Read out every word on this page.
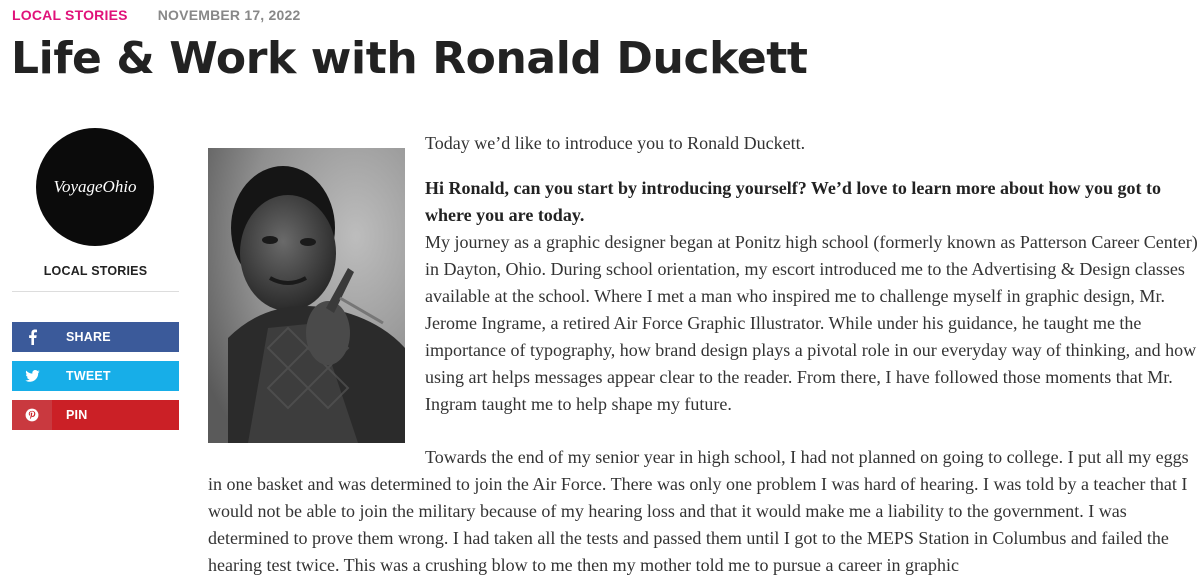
LOCAL STORIES NOVEMBER 17, 2022
Life & Work with Ronald Duckett
VoyageOhio
LOCAL STORIES
SHARE
TWEET
PIN

Today we’d like to introduce you to Ronald Duckett.

Hi Ronald, can you start by introducing yourself? We’d love to learn more about how you got to where you are today.

My journey as a graphic designer began at Ponitz high school (formerly known as Patterson Career Center) in Dayton, Ohio. During school orientation, my escort introduced me to the Advertising & Design classes available at the school. Where I met a man who inspired me to challenge myself in graphic design, Mr. Jerome Ingrame, a retired Air Force Graphic Illustrator. While under his guidance, he taught me the importance of typography, how brand design plays a pivotal role in our everyday way of thinking, and how using art helps messages appear clear to the reader. From there, I have followed those moments that Mr. Ingram taught me to help shape my future.

Towards the end of my senior year in high school, I had not planned on going to college. I put all my eggs in one basket and was determined to join the Air Force. There was only one problem I was hard of hearing. I was told by a teacher that I would not be able to join the military because of my hearing loss and that it would make me a liability to the government. I was determined to prove them wrong. I had taken all the tests and passed them until I got to the MEPS Station in Columbus and failed the hearing test twice. This was a crushing blow to me then my mother told me to pursue a career in graphic
